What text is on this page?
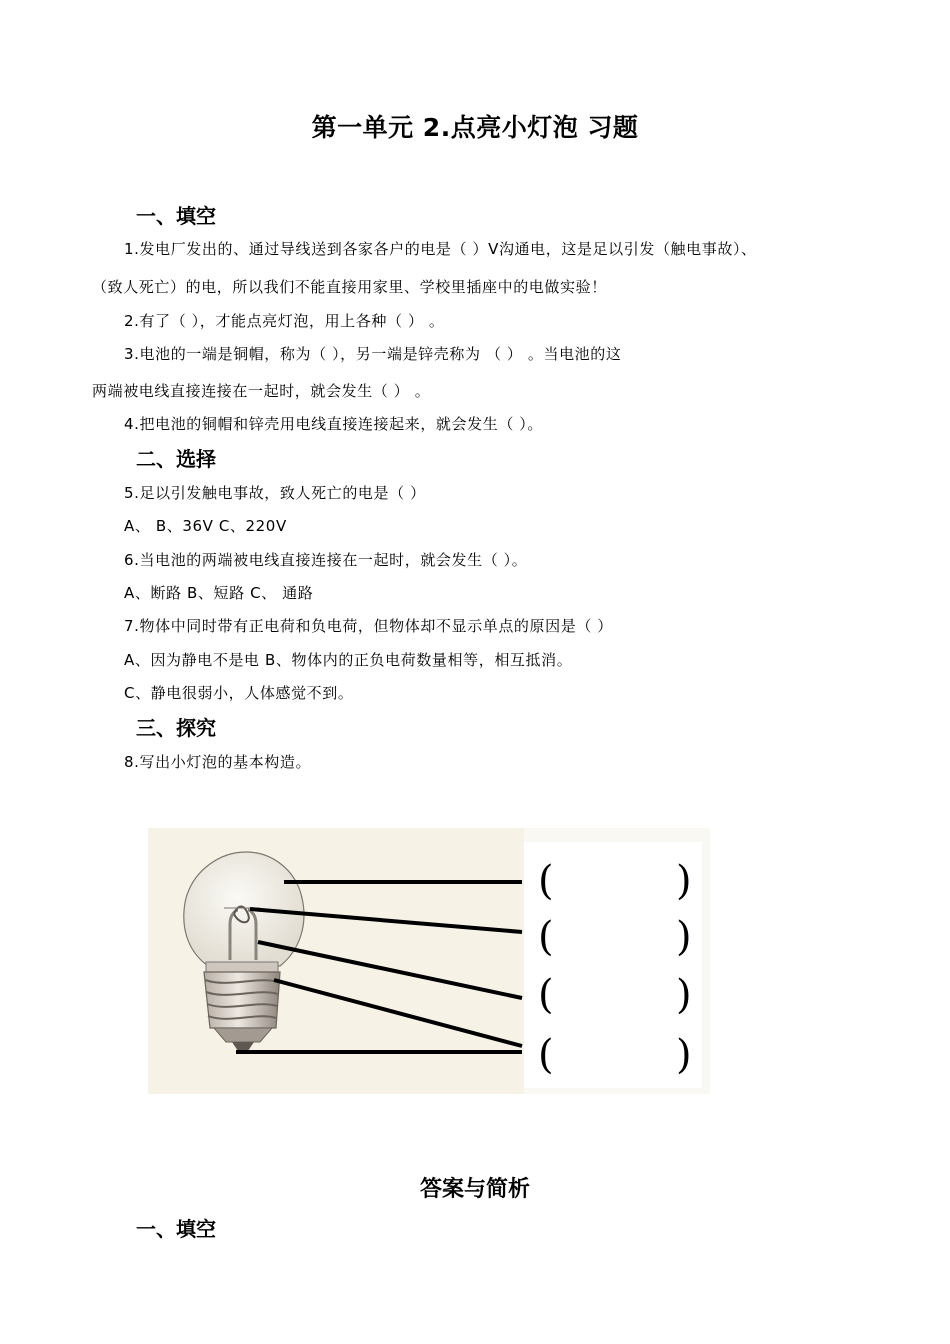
第一单元 2.点亮小灯泡 习题
一、填空
1.发电厂发出的、通过导线送到各家各户的电是（ ）V沟通电，这是足以引发（触电事故）、
（致人死亡）的电，所以我们不能直接用家里、学校里插座中的电做实验！
2.有了（ ），才能点亮灯泡，用上各种（ ） 。
3.电池的一端是铜帽，称为（ ），另一端是锌壳称为 （ ） 。当电池的这
两端被电线直接连接在一起时，就会发生（ ） 。
4.把电池的铜帽和锌壳用电线直接连接起来，就会发生（ ）。
二、选择
5.足以引发触电事故，致人死亡的电是（ ）
A、 B、36V C、220V
6.当电池的两端被电线直接连接在一起时，就会发生（ ）。
A、断路 B、短路 C、 通路
7.物体中同时带有正电荷和负电荷，但物体却不显示单点的原因是（ ）
A、因为静电不是电 B、物体内的正负电荷数量相等，相互抵消。
C、静电很弱小，人体感觉不到。
三、探究
8.写出小灯泡的基本构造。
(	)
(	)
(	)
(	)
答案与简析
一、填空
